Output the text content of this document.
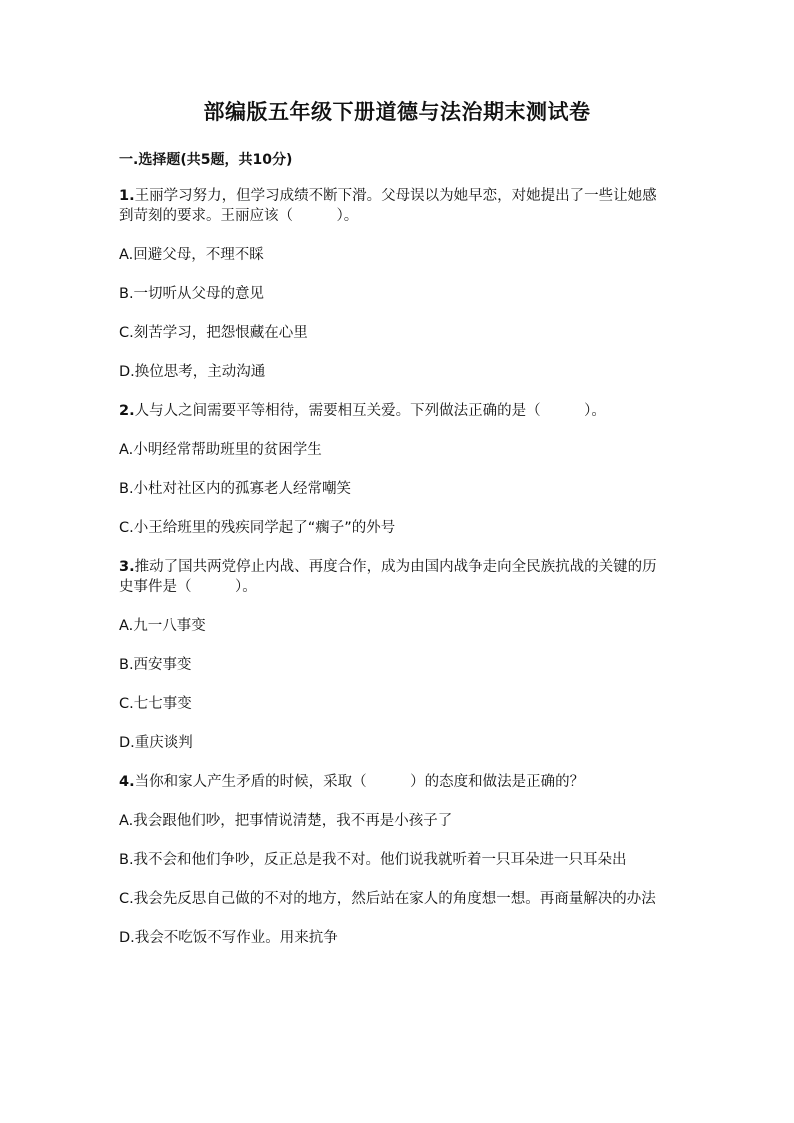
部编版五年级下册道德与法治期末测试卷
一.选择题(共5题，共10分)
1.王丽学习努力，但学习成绩不断下滑。父母误以为她早恋，对她提出了一些让她感到苛刻的要求。王丽应该（　　　）。
A.回避父母，不理不睬
B.一切听从父母的意见
C.刻苦学习，把怨恨藏在心里
D.换位思考，主动沟通
2.人与人之间需要平等相待，需要相互关爱。下列做法正确的是（　　　）。
A.小明经常帮助班里的贫困学生
B.小杜对社区内的孤寡老人经常嘲笑
C.小王给班里的残疾同学起了“瘸子”的外号
3.推动了国共两党停止内战、再度合作，成为由国内战争走向全民族抗战的关键的历史事件是（　　　）。
A.九一八事变
B.西安事变
C.七七事变
D.重庆谈判
4.当你和家人产生矛盾的时候，采取（　　　）的态度和做法是正确的？
A.我会跟他们吵，把事情说清楚，我不再是小孩子了
B.我不会和他们争吵，反正总是我不对。他们说我就听着一只耳朵进一只耳朵出
C.我会先反思自己做的不对的地方，然后站在家人的角度想一想。再商量解决的办法
D.我会不吃饭不写作业。用来抗争
